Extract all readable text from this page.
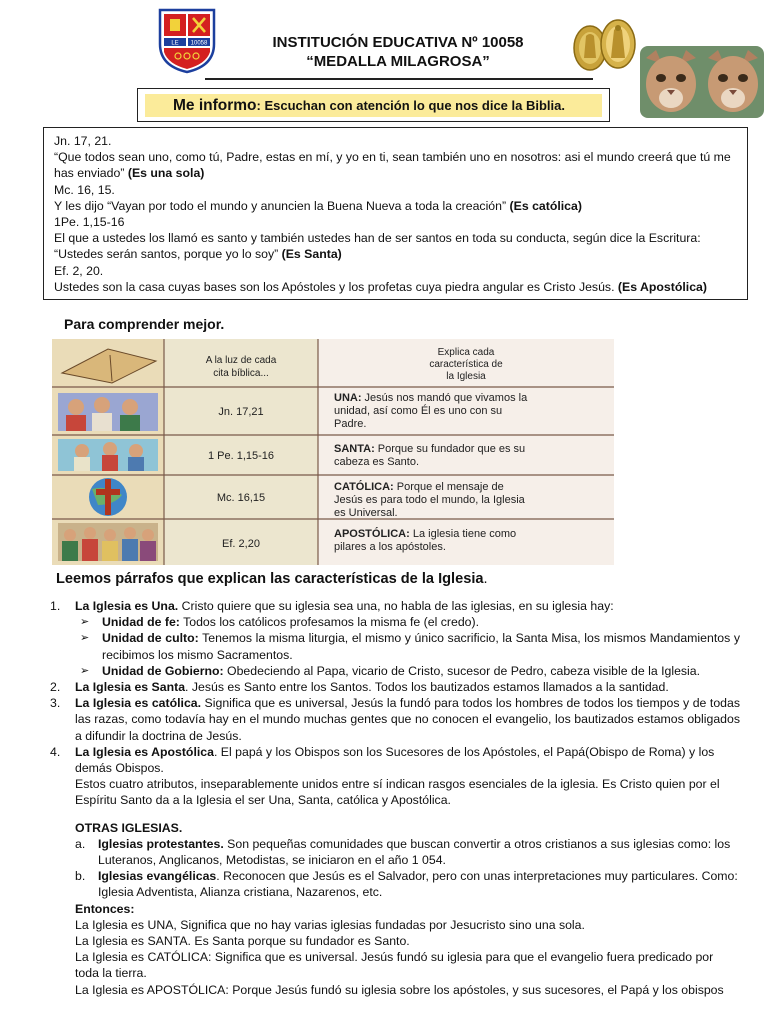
LE 10058	INSTITUCIÓN EDUCATIVA Nº 10058
“MEDALLA MILAGROSA”
Me informo: Escuchan con atención lo que nos dice la Biblia.

Jn. 17, 21.

“Que todos sean uno, como tú, Padre, estas en mí, y yo en ti, sean también uno en nosotros: asi el mundo creerá que tú me has enviado” (Es una sola)

Mc. 16, 15.

Y les dijo “Vayan por todo el mundo y anuncien la Buena Nueva a toda la creación” (Es católica)

1Pe. 1,15-16

El que a ustedes los llamó es santo y también ustedes han de ser santos en toda su conducta, según dice la Escritura: “Ustedes serán santos, porque yo lo soy” (Es Santa)

Ef. 2, 20.

Ustedes son la casa cuyas bases son los Apóstoles y los profetas cuya piedra angular es Cristo Jesús. (Es Apostólica)

Para comprender mejor.
A la luz de cada
cita bíblica...
Explica cada
característica de
la Iglesia
Jn. 17,21
1 Pe. 1,15-16
Mc. 16,15
Ef. 2,20
UNA: Jesús nos mandó que vivamos la
unidad, así como Él es uno con su
Padre.
SANTA: Porque su fundador que es su
cabeza es Santo.
CATÓLICA: Porque el mensaje de
Jesús es para todo el mundo, la Iglesia
es Universal.
APOSTÓLICA: La iglesia tiene como
pilares a los apóstoles.
Leemos párrafos que explican las características de la Iglesia.
1. La Iglesia es Una. Cristo quiere que su iglesia sea una, no habla de las iglesias, en su iglesia hay:
➢ Unidad de fe: Todos los católicos profesamos la misma fe (el credo).
➢ Unidad de culto: Tenemos la misma liturgia, el mismo y único sacrificio, la Santa Misa, los mismos Mandamientos y recibimos los mismo Sacramentos.
➢ Unidad de Gobierno: Obedeciendo al Papa, vicario de Cristo, sucesor de Pedro, cabeza visible de la Iglesia.
2. La Iglesia es Santa. Jesús es Santo entre los Santos. Todos los bautizados estamos llamados a la santidad.
3. La Iglesia es católica. Significa que es universal, Jesús la fundó para todos los hombres de todos los tiempos y de todas las razas, como todavía hay en el mundo muchas gentes que no conocen el evangelio, los bautizados estamos obligados a difundir la doctrina de Jesús.
4. La Iglesia es Apostólica. El papá y los Obispos son los Sucesores de los Apóstoles, el Papá(Obispo de Roma) y los demás Obispos.

Estos cuatro atributos, inseparablemente unidos entre sí indican rasgos esenciales de la iglesia. Es Cristo quien por el Espíritu Santo da a la Iglesia el ser Una, Santa, católica y Apostólica.

OTRAS IGLESIAS.

a. Iglesias protestantes. Son pequeñas comunidades que buscan convertir a otros cristianos a sus iglesias como: los Luteranos, Anglicanos, Metodistas, se iniciaron en el año 1 054.
b. Iglesias evangélicas. Reconocen que Jesús es el Salvador, pero con unas interpretaciones muy particulares. Como: Iglesia Adventista, Alianza cristiana, Nazarenos, etc.

Entonces:

La Iglesia es UNA, Significa que no hay varias iglesias fundadas por Jesucristo sino una sola.

La Iglesia es SANTA. Es Santa porque su fundador es Santo.

La Iglesia es CATÓLICA: Significa que es universal. Jesús fundó su iglesia para que el evangelio fuera predicado por toda la tierra.

La Iglesia es APOSTÓLICA: Porque Jesús fundó su iglesia sobre los apóstoles, y sus sucesores, el Papá y los obispos
